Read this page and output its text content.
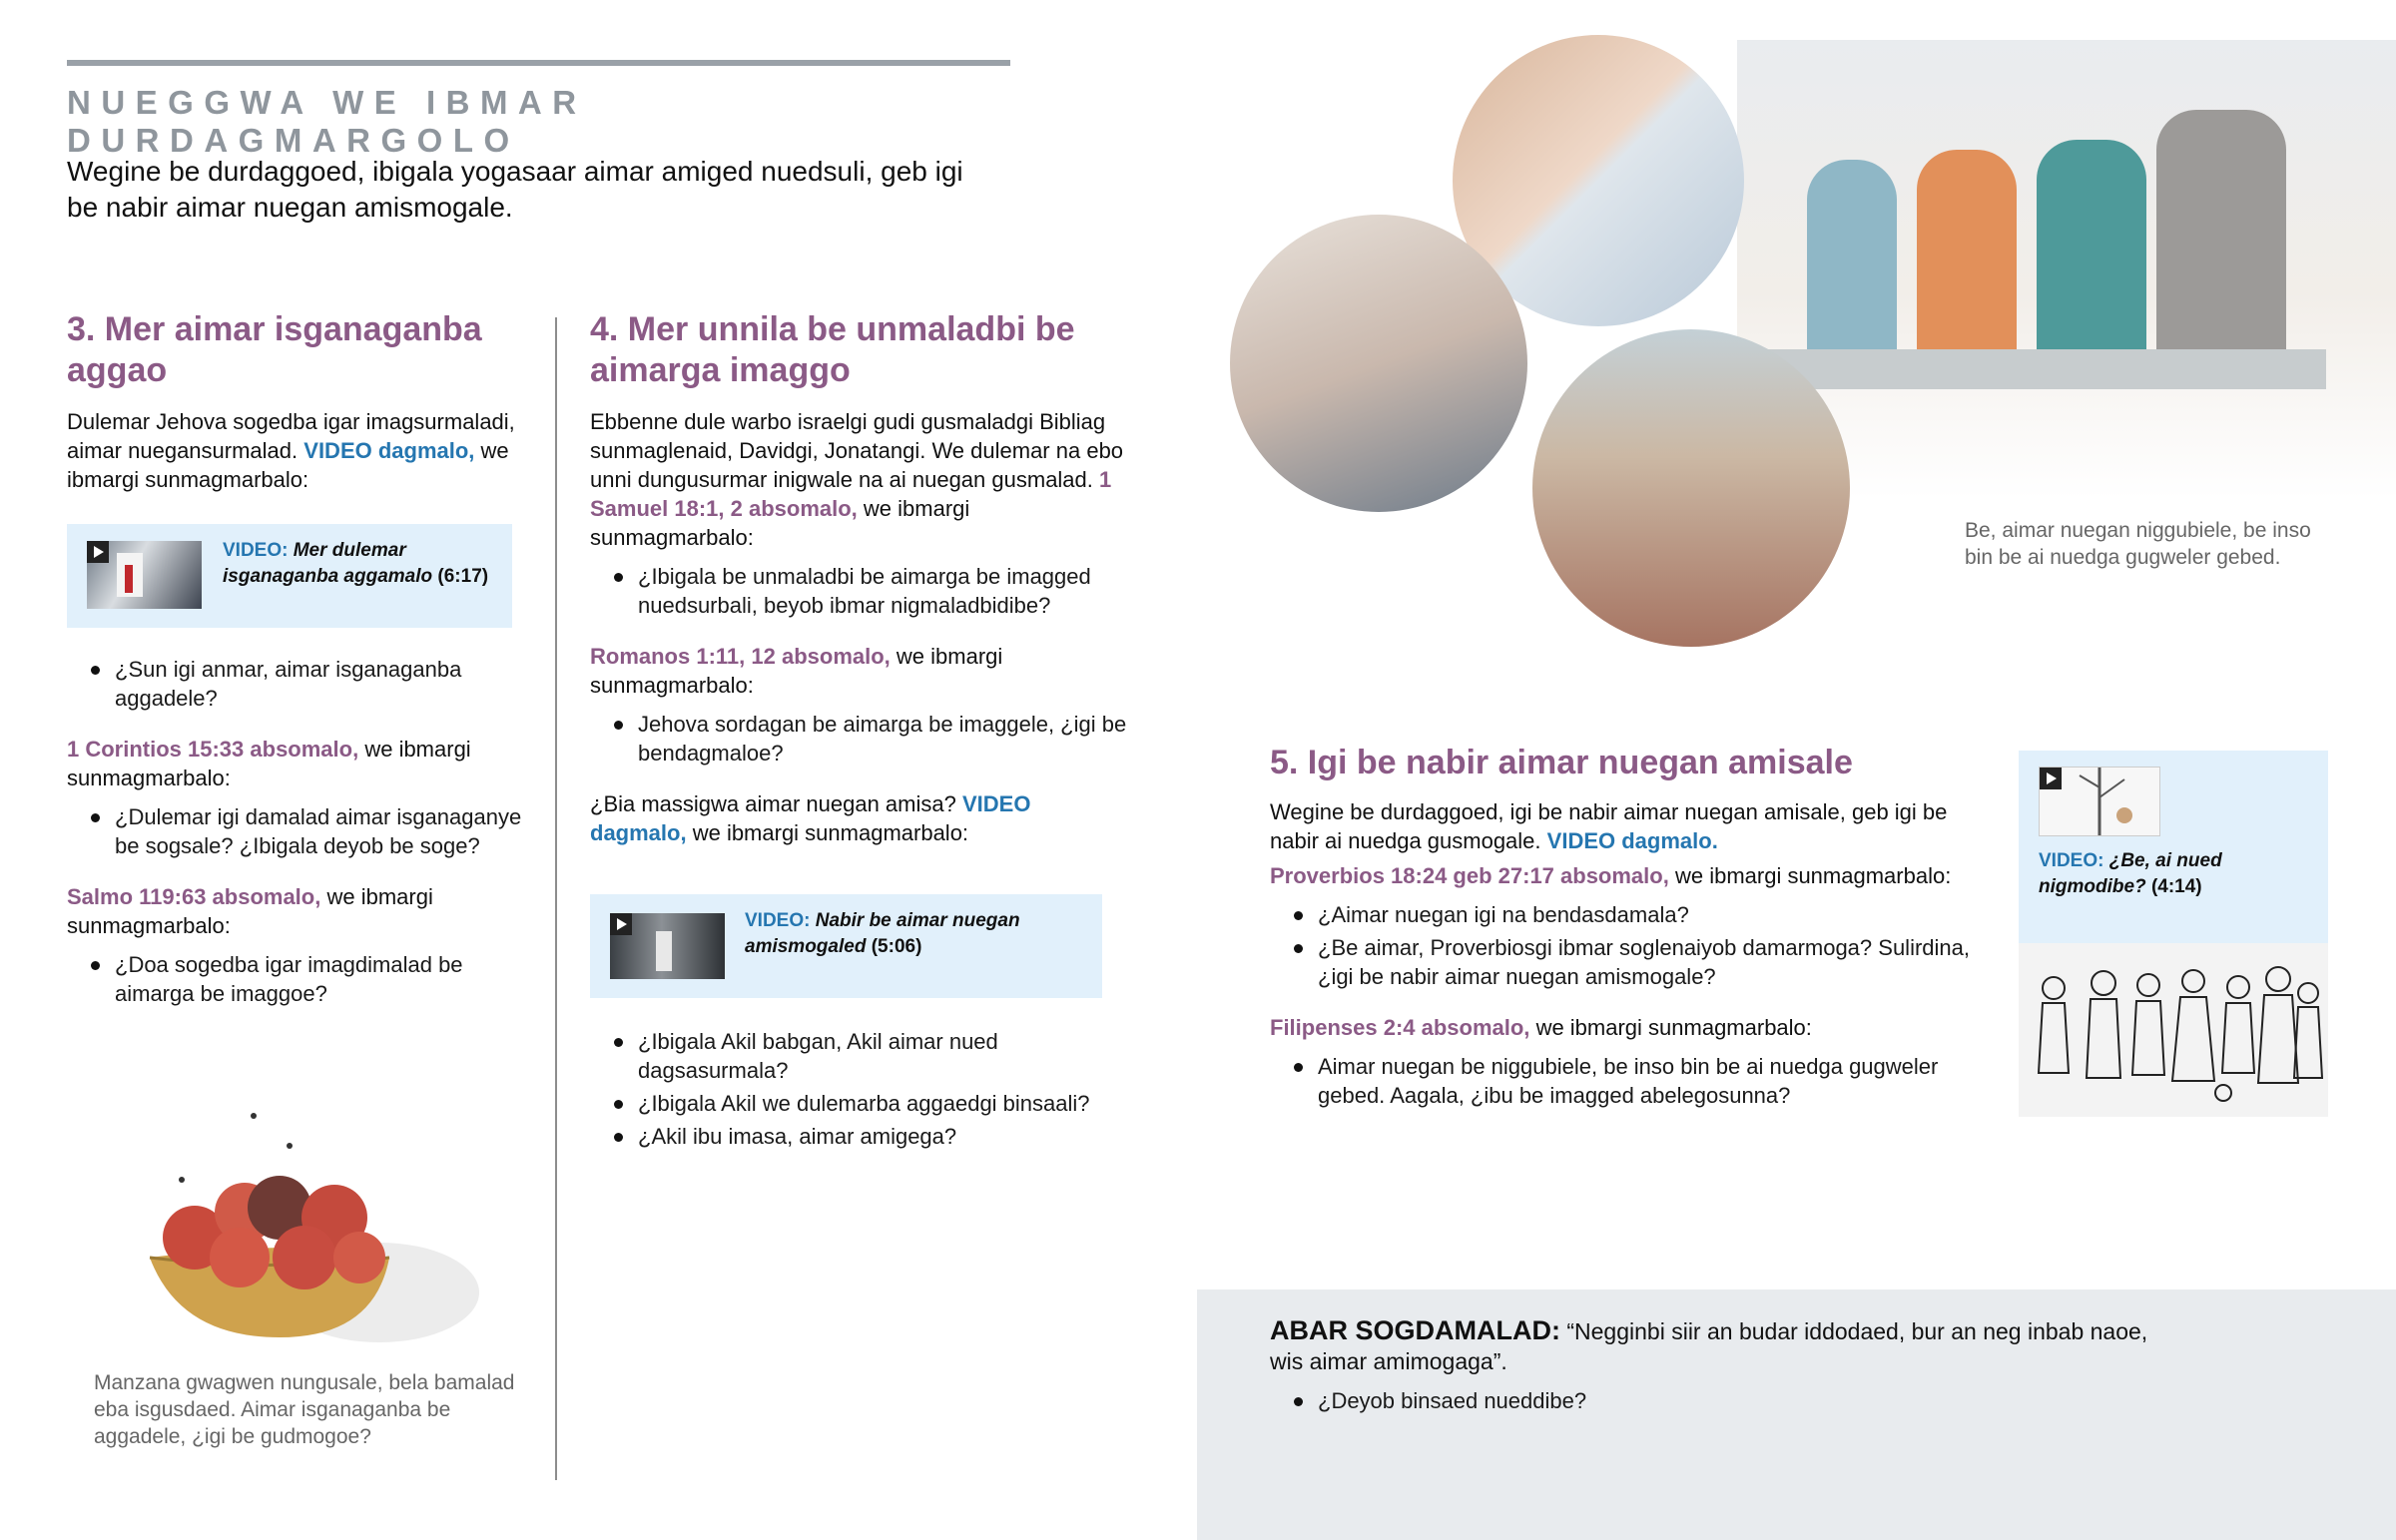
NUEGGWA WE IBMAR DURDAGMARGOLO
Wegine be durdaggoed, ibigala yogasaar aimar amiged nuedsuli, geb igi be nabir aimar nuegan amismogale.
3. Mer aimar isganaganba aggao

Dulemar Jehova sogedba igar imagsurmaladi, aimar nuegansurmalad. VIDEO dagmalo, we ibmargi sunmagmarbalo:

VIDEO: Mer dulemar isganaganba aggamalo (6:17)
¿Sun igi anmar, aimar isganaganba aggadele?

1 Corintios 15:33 absomalo, we ibmargi sunmagmarbalo:

¿Dulemar igi damalad aimar isganaganye be sogsale? ¿Ibigala deyob be soge?

Salmo 119:63 absomalo, we ibmargi sunmagmarbalo:

¿Doa sogedba igar imagdimalad be aimarga be imaggoe?
Manzana gwagwen nungusale, bela bamalad eba isgusdaed. Aimar isganaganba be aggadele, ¿igi be gudmogoe?
4. Mer unnila be unmaladbi be aimarga imaggo

Ebbenne dule warbo israelgi gudi gusmaladgi Bibliag sunmaglenaid, Davidgi, Jonatangi. We dulemar na ebo unni dungusurmar inigwale na ai nuegan gusmalad. 1 Samuel 18:1, 2 absomalo, we ibmargi sunmagmarbalo:

¿Ibigala be unmaladbi be aimarga be imagged nuedsurbali, beyob ibmar nigmaladbidibe?

Romanos 1:11, 12 absomalo, we ibmargi sunmagmarbalo:

Jehova sordagan be aimarga be imaggele, ¿igi be bendagmaloe?

¿Bia massigwa aimar nuegan amisa? VIDEO dagmalo, we ibmargi sunmagmarbalo:

VIDEO: Nabir be aimar nuegan amismogaled (5:06)
¿Ibigala Akil babgan, Akil aimar nued dagsasurmala?
¿Ibigala Akil we dulemarba aggaedgi binsaali?
¿Akil ibu imasa, aimar amigega?
Be, aimar nuegan niggubiele, be inso bin be ai nuedga gugweler gebed.
5. Igi be nabir aimar nuegan amisale

Wegine be durdaggoed, igi be nabir aimar nuegan amisale, geb igi be nabir ai nuedga gusmogale. VIDEO dagmalo.

Proverbios 18:24 geb 27:17 absomalo, we ibmargi sunmagmarbalo:

¿Aimar nuegan igi na bendasdamala?
¿Be aimar, Proverbiosgi ibmar soglenaiyob damarmoga? Sulirdina, ¿igi be nabir aimar nuegan amismogale?

Filipenses 2:4 absomalo, we ibmargi sunmagmarbalo:

Aimar nuegan be niggubiele, be inso bin be ai nuedga gugweler gebed. Aagala, ¿ibu be imagged abelegosunna?
VIDEO: ¿Be, ai nued nigmodibe? (4:14)

ABAR SOGDAMALAD: “Negginbi siir an budar iddodaed, bur an neg inbab naoe, wis aimar amimogaga”.

¿Deyob binsaed nueddibe?
